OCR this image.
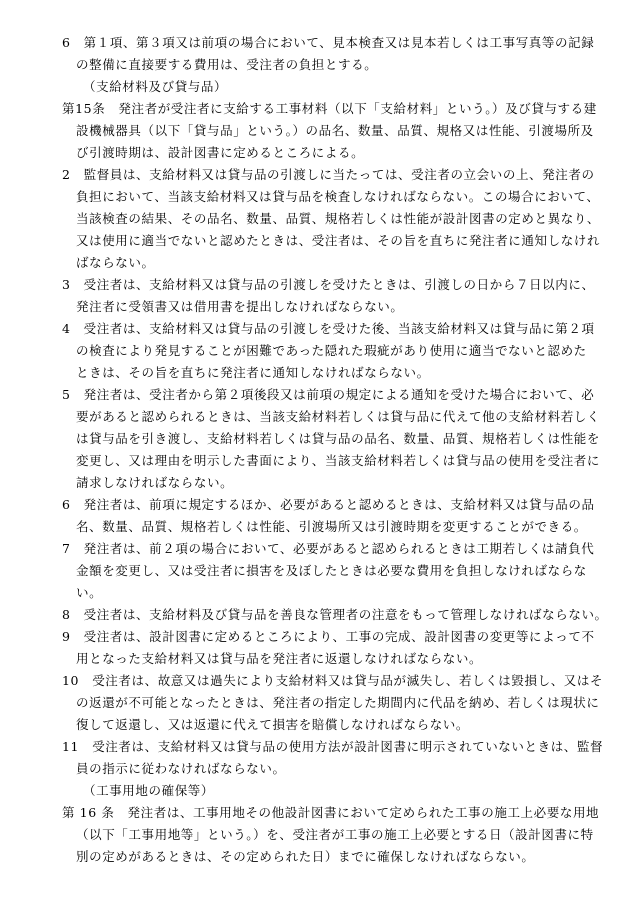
6　第１項、第３項又は前項の場合において、見本検査又は見本若しくは工事写真等の記録
の整備に直接要する費用は、受注者の負担とする。
（支給材料及び貸与品）
第15条　発注者が受注者に支給する工事材料（以下「支給材料」という。）及び貸与する建
設機械器具（以下「貸与品」という。）の品名、数量、品質、規格又は性能、引渡場所及
び引渡時期は、設計図書に定めるところによる。
2　監督員は、支給材料又は貸与品の引渡しに当たっては、受注者の立会いの上、発注者の
負担において、当該支給材料又は貸与品を検査しなければならない。この場合において、
当該検査の結果、その品名、数量、品質、規格若しくは性能が設計図書の定めと異なり、
又は使用に適当でないと認めたときは、受注者は、その旨を直ちに発注者に通知しなけれ
ばならない。
3　受注者は、支給材料又は貸与品の引渡しを受けたときは、引渡しの日から７日以内に、
発注者に受領書又は借用書を提出しなければならない。
4　受注者は、支給材料又は貸与品の引渡しを受けた後、当該支給材料又は貸与品に第２項
の検査により発見することが困難であった隠れた瑕疵があり使用に適当でないと認めた
ときは、その旨を直ちに発注者に通知しなければならない。
5　発注者は、受注者から第２項後段又は前項の規定による通知を受けた場合において、必
要があると認められるときは、当該支給材料若しくは貸与品に代えて他の支給材料若しく
は貸与品を引き渡し、支給材料若しくは貸与品の品名、数量、品質、規格若しくは性能を
変更し、又は理由を明示した書面により、当該支給材料若しくは貸与品の使用を受注者に
請求しなければならない。
6　発注者は、前項に規定するほか、必要があると認めるときは、支給材料又は貸与品の品
名、数量、品質、規格若しくは性能、引渡場所又は引渡時期を変更することができる。
7　発注者は、前２項の場合において、必要があると認められるときは工期若しくは請負代
金額を変更し、又は受注者に損害を及ぼしたときは必要な費用を負担しなければならな
い。
8　受注者は、支給材料及び貸与品を善良な管理者の注意をもって管理しなければならない。
9　受注者は、設計図書に定めるところにより、工事の完成、設計図書の変更等によって不
用となった支給材料又は貸与品を発注者に返還しなければならない。
10　受注者は、故意又は過失により支給材料又は貸与品が滅失し、若しくは毀損し、又はそ
の返還が不可能となったときは、発注者の指定した期間内に代品を納め、若しくは現状に
復して返還し、又は返還に代えて損害を賠償しなければならない。
11　受注者は、支給材料又は貸与品の使用方法が設計図書に明示されていないときは、監督
員の指示に従わなければならない。
（工事用地の確保等）
第 16 条　発注者は、工事用地その他設計図書において定められた工事の施工上必要な用地
（以下「工事用地等」という。）を、受注者が工事の施工上必要とする日（設計図書に特
別の定めがあるときは、その定められた日）までに確保しなければならない。
